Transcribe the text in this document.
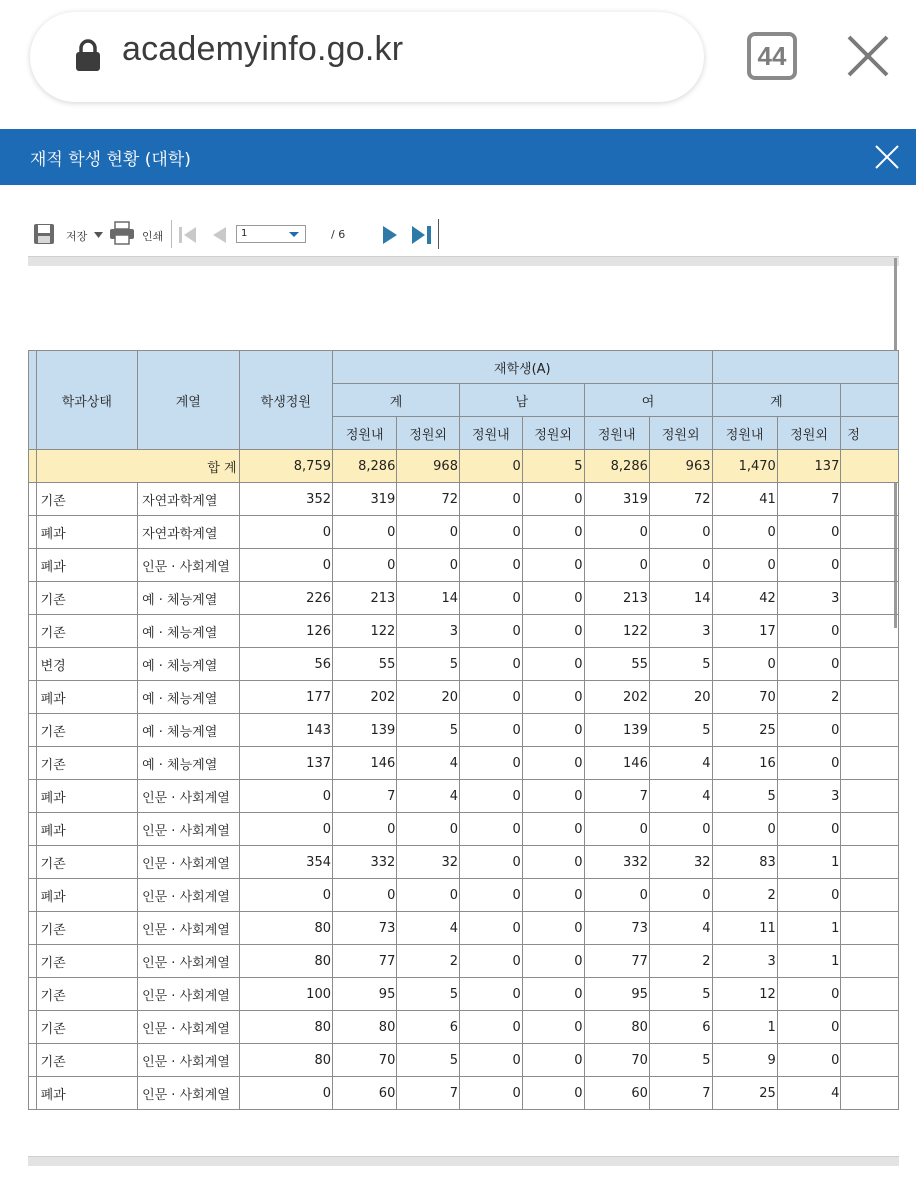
academyinfo.go.kr	44
재적 학생 현황 (대학)
저장	인쇄	1	/ 6
	학과상태	계열	학생정원	재학생(A)								
				계		남		여		계		
				정원내	정원외	정원내	정원외	정원내	정원외	정원내	정원외	정
	합 계		8,759	8,286	968	0	5	8,286	963	1,470	137	
	기존	자연과학계열	352	319	72	0	0	319	72	41	7	
	폐과	자연과학계열	0	0	0	0	0	0	0	0	0	
	폐과	인문 · 사회계열	0	0	0	0	0	0	0	0	0	
	기존	예 · 체능계열	226	213	14	0	0	213	14	42	3	
	기존	예 · 체능계열	126	122	3	0	0	122	3	17	0	
	변경	예 · 체능계열	56	55	5	0	0	55	5	0	0	
	폐과	예 · 체능계열	177	202	20	0	0	202	20	70	2	
	기존	예 · 체능계열	143	139	5	0	0	139	5	25	0	
	기존	예 · 체능계열	137	146	4	0	0	146	4	16	0	
	폐과	인문 · 사회계열	0	7	4	0	0	7	4	5	3	
	폐과	인문 · 사회계열	0	0	0	0	0	0	0	0	0	
	기존	인문 · 사회계열	354	332	32	0	0	332	32	83	1	
	폐과	인문 · 사회계열	0	0	0	0	0	0	0	2	0	
	기존	인문 · 사회계열	80	73	4	0	0	73	4	11	1	
	기존	인문 · 사회계열	80	77	2	0	0	77	2	3	1	
	기존	인문 · 사회계열	100	95	5	0	0	95	5	12	0	
	기존	인문 · 사회계열	80	80	6	0	0	80	6	1	0	
	기존	인문 · 사회계열	80	70	5	0	0	70	5	9	0	
	폐과	인문 · 사회계열	0	60	7	0	0	60	7	25	4	
